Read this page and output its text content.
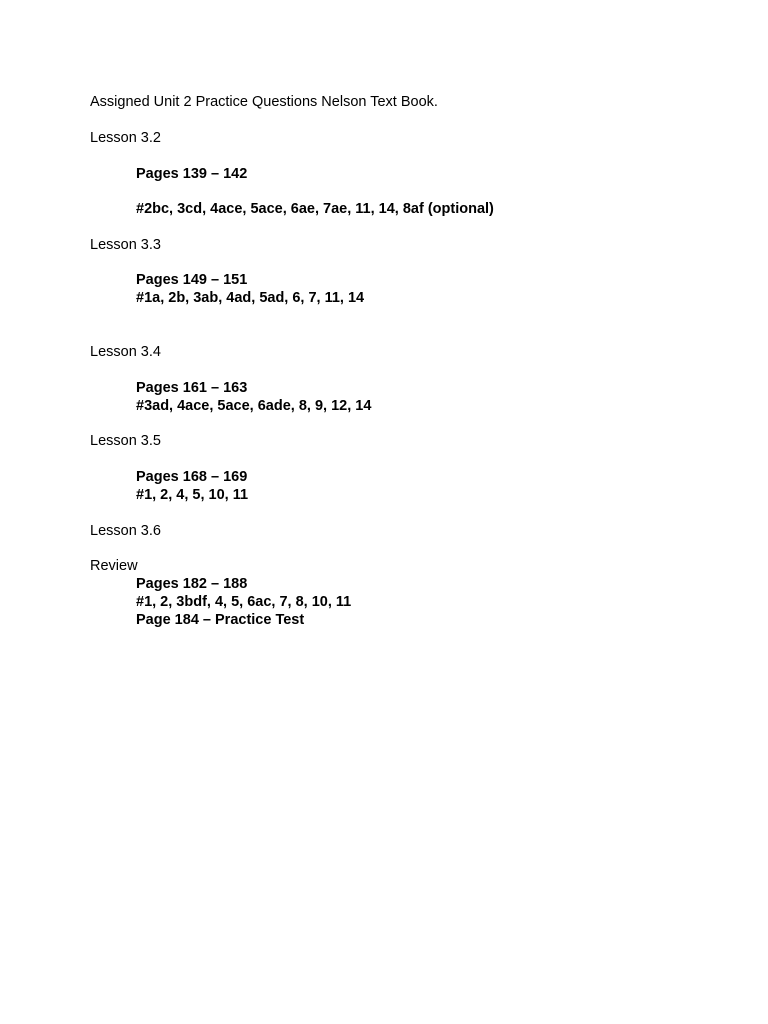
Assigned Unit 2 Practice Questions Nelson Text Book.
Lesson 3.2
Pages 139 – 142
#2bc, 3cd, 4ace, 5ace, 6ae, 7ae, 11, 14, 8af (optional)
Lesson 3.3
Pages 149 – 151
#1a, 2b, 3ab, 4ad, 5ad, 6, 7, 11, 14
Lesson 3.4
Pages 161 – 163
#3ad, 4ace, 5ace, 6ade, 8, 9, 12, 14
Lesson 3.5
Pages 168 – 169
#1, 2, 4, 5, 10, 11
Lesson 3.6
Review
Pages 182 – 188
#1, 2, 3bdf, 4, 5, 6ac, 7, 8, 10, 11
Page 184 – Practice Test
